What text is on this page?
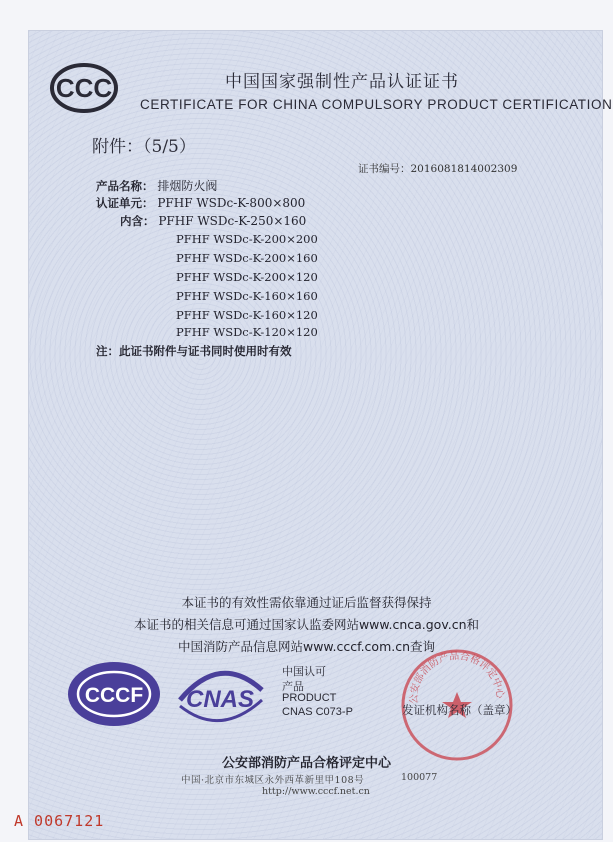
CCC	中国国家强制性产品认证证书
CERTIFICATE FOR CHINA COMPULSORY PRODUCT CERTIFICATION
附件：（5/5）
证书编号：2016081814002309
产品名称： 排烟防火阀
认证单元： PFHF WSDc-K-800×800
内含： PFHF WSDc-K-250×160
PFHF WSDc-K-200×200
PFHF WSDc-K-200×160
PFHF WSDc-K-200×120
PFHF WSDc-K-160×160
PFHF WSDc-K-160×120
PFHF WSDc-K-120×120
注：此证书附件与证书同时使用时有效
本证书的有效性需依靠通过证后监督获得保持
本证书的相关信息可通过国家认监委网站www.cnca.gov.cn和
中国消防产品信息网站www.cccf.com.cn查询
CCCF CNAS
中国认可
产品
PRODUCT
CNAS C073-P
公安部消防产品合格评定中心
发证机构名称（盖章）
公安部消防产品合格评定中心
中国·北京市东城区永外西革新里甲108号	100077
http://www.cccf.net.cn
A 0067121
